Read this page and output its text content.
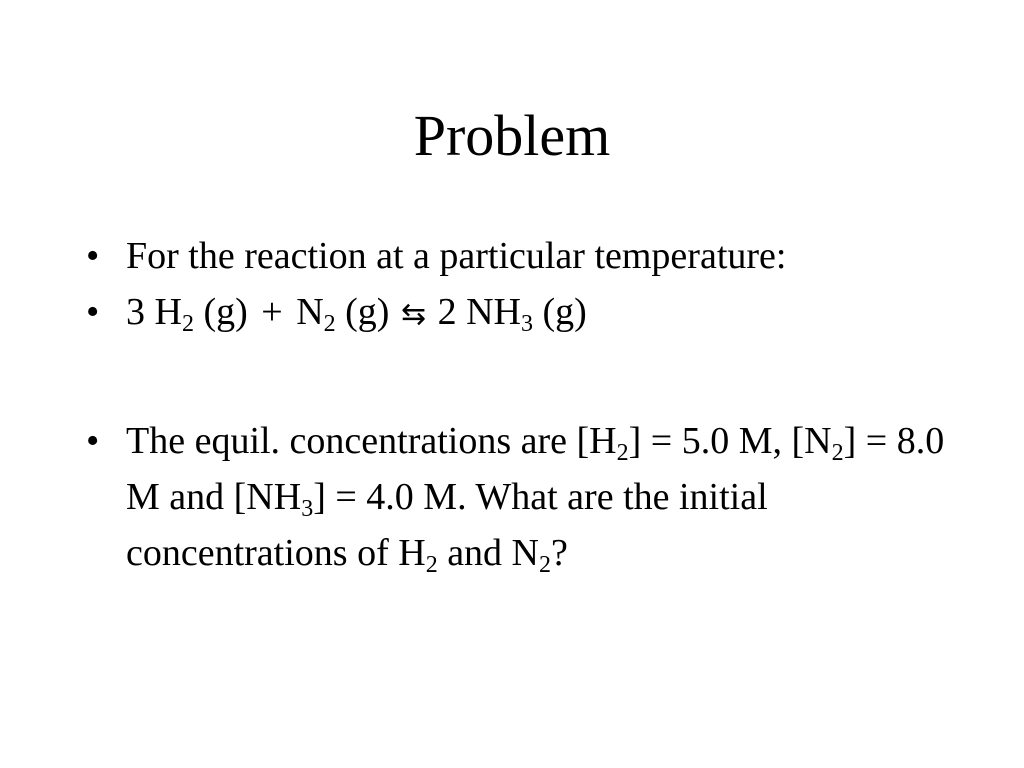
Problem
• For the reaction at a particular temperature:
• 3 $H_2$ $(g) + N_2$ (g) ⇆ 2 $NH_3$ (g)
• The equil. concentrations are $[H_2] = 5.0$ M, $[N_2] = 8.0$ M and $[NH_3] = 4.0$ M. What are the initial concentrations of $H_2$ and $N_2$?
